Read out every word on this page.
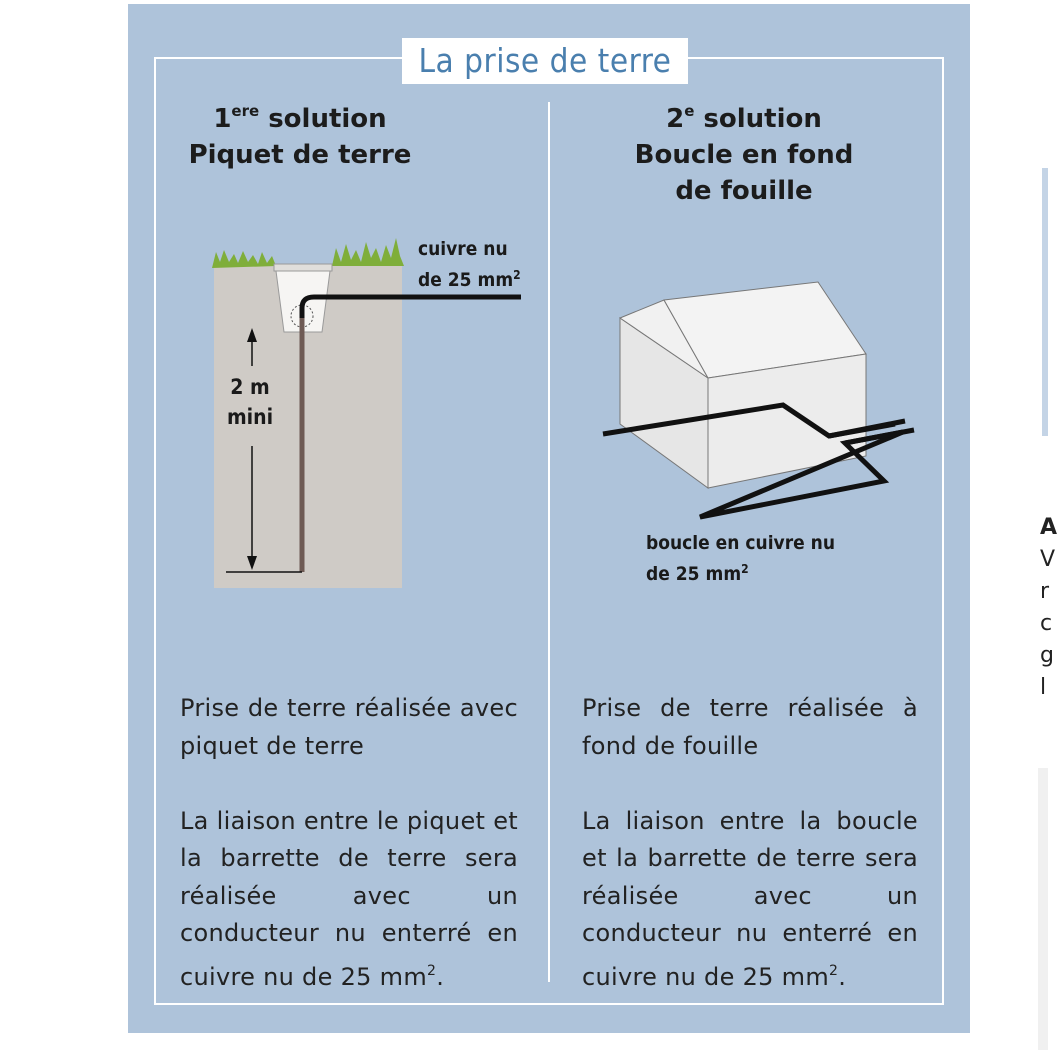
La prise de terre
1ere solution
Piquet de terre
2e solution
Boucle en fond
de fouille
cuivre nu
de 25 $mm^2$
2 m
mini
boucle en cuivre nu
de 25 $mm^2$

Prise de terre réalisée avec piquet de terre

La liaison entre le piquet et la barrette de terre sera réalisée avec un conducteur nu enterré en cuivre nu de 25 $mm^2$.

Prise de terre réalisée à fond de fouille

La liaison entre la boucle et la barrette de terre sera réalisée avec un conducteur nu enterré en cuivre nu de 25 $mm^2$.

A
V
r
c
g
l
